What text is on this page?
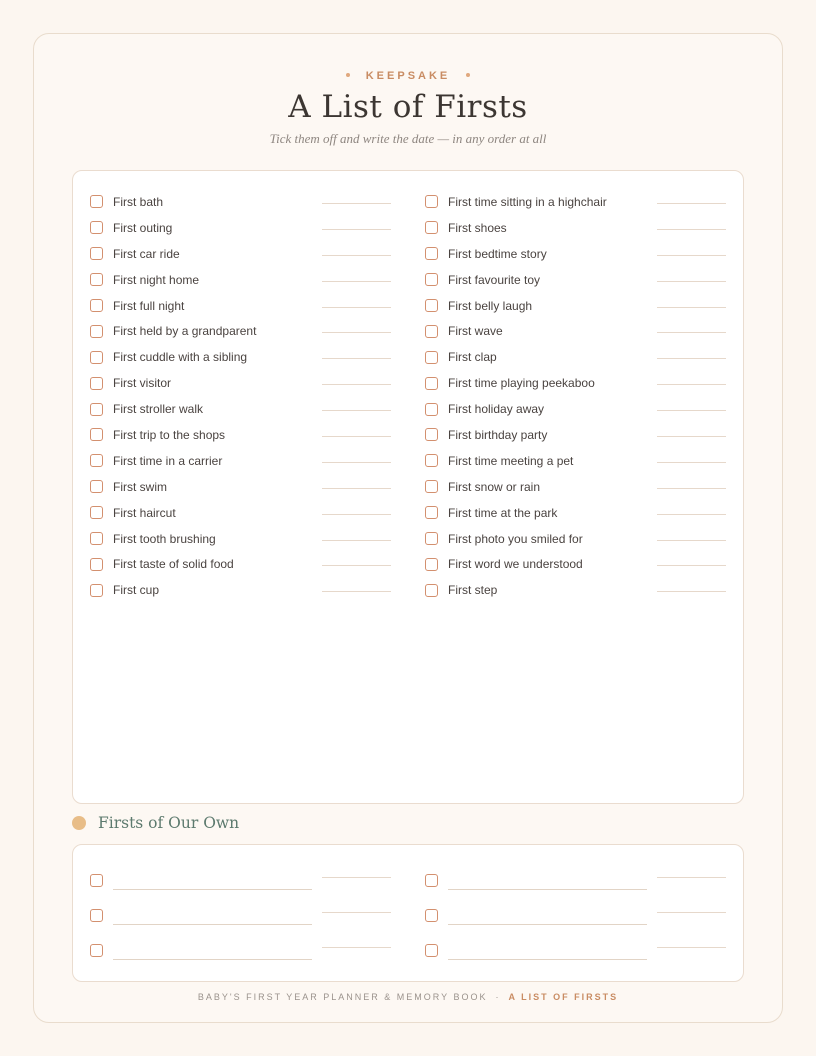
KEEPSAKE
A List of Firsts
Tick them off and write the date — in any order at all
First bath
First outing
First car ride
First night home
First full night
First held by a grandparent
First cuddle with a sibling
First visitor
First stroller walk
First trip to the shops
First time in a carrier
First swim
First haircut
First tooth brushing
First taste of solid food
First cup
First time sitting in a highchair
First shoes
First bedtime story
First favourite toy
First belly laugh
First wave
First clap
First time playing peekaboo
First holiday away
First birthday party
First time meeting a pet
First snow or rain
First time at the park
First photo you smiled for
First word we understood
First step
Firsts of Our Own
BABY'S FIRST YEAR PLANNER & MEMORY BOOK · A LIST OF FIRSTS
